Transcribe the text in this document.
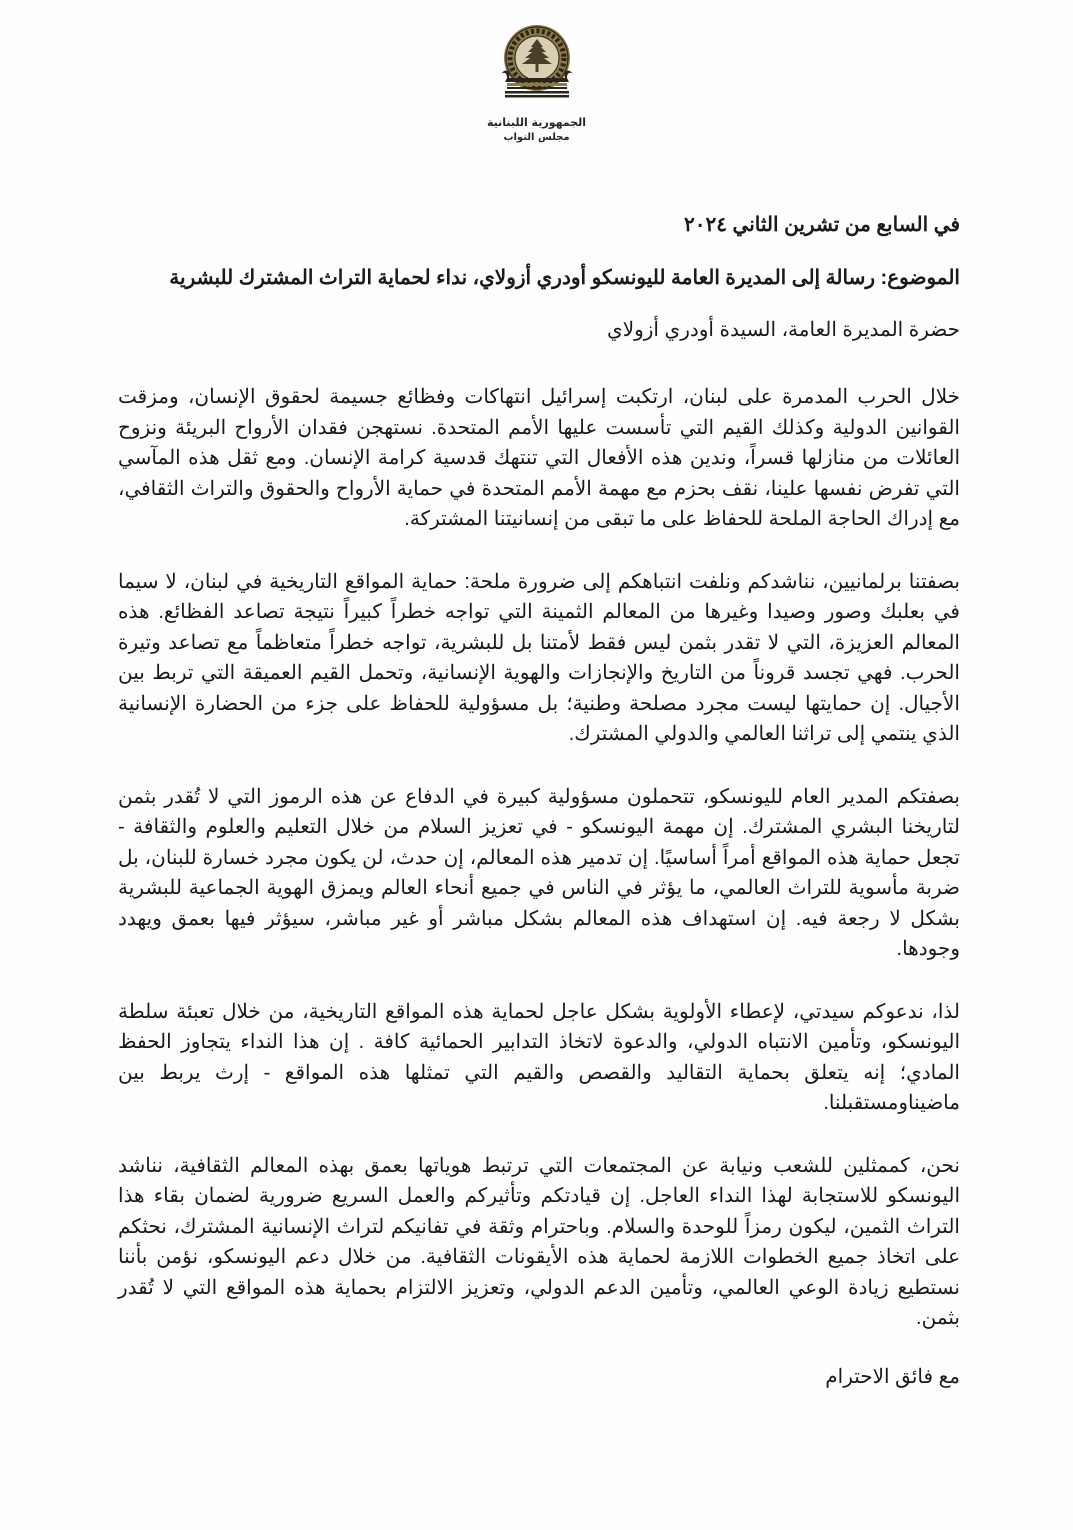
الجمهورية اللبنانية
مجلس النواب
في السابع من تشرين الثاني ٢٠٢٤
الموضوع: رسالة إلى المديرة العامة لليونسكو أودري أزولاي، نداء لحماية التراث المشترك للبشرية
حضرة المديرة العامة، السيدة أودري أزولاي

خلال الحرب المدمرة على لبنان، ارتكبت إسرائيل انتهاكات وفظائع جسيمة لحقوق الإنسان، ومزقت القوانين الدولية وكذلك القيم التي تأسست عليها الأمم المتحدة. نستهجن فقدان الأرواح البريئة ونزوح العائلات من منازلها قسراً، وندين هذه الأفعال التي تنتهك قدسية كرامة الإنسان. ومع ثقل هذه المآسي التي تفرض نفسها علينا، نقف بحزم مع مهمة الأمم المتحدة في حماية الأرواح والحقوق والتراث الثقافي، مع إدراك الحاجة الملحة للحفاظ على ما تبقى من إنسانيتنا المشتركة.

بصفتنا برلمانيين، نناشدكم ونلفت انتباهكم إلى ضرورة ملحة: حماية المواقع التاريخية في لبنان، لا سيما في بعلبك وصور وصيدا وغيرها من المعالم الثمينة التي تواجه خطراً كبيراً نتيجة تصاعد الفظائع. هذه المعالم العزيزة، التي لا تقدر بثمن ليس فقط لأمتنا بل للبشرية، تواجه خطراً متعاظماً مع تصاعد وتيرة الحرب. فهي تجسد قروناً من التاريخ والإنجازات والهوية الإنسانية، وتحمل القيم العميقة التي تربط بين الأجيال. إن حمايتها ليست مجرد مصلحة وطنية؛ بل مسؤولية للحفاظ على جزء من الحضارة الإنسانية الذي ينتمي إلى تراثنا العالمي والدولي المشترك.

بصفتكم المدير العام لليونسكو، تتحملون مسؤولية كبيرة في الدفاع عن هذه الرموز التي لا تُقدر بثمن لتاريخنا البشري المشترك. إن مهمة اليونسكو - في تعزيز السلام من خلال التعليم والعلوم والثقافة - تجعل حماية هذه المواقع أمراً أساسيًا. إن تدمير هذه المعالم، إن حدث، لن يكون مجرد خسارة للبنان، بل ضربة مأسوية للتراث العالمي، ما يؤثر في الناس في جميع أنحاء العالم ويمزق الهوية الجماعية للبشرية بشكل لا رجعة فيه. إن استهداف هذه المعالم بشكل مباشر أو غير مباشر، سيؤثر فيها بعمق ويهدد وجودها.

لذا، ندعوكم سيدتي، لإعطاء الأولوية بشكل عاجل لحماية هذه المواقع التاريخية، من خلال تعبئة سلطة اليونسكو، وتأمين الانتباه الدولي، والدعوة لاتخاذ التدابير الحمائية كافة . إن هذا النداء يتجاوز الحفظ المادي؛ إنه يتعلق بحماية التقاليد والقصص والقيم التي تمثلها هذه المواقع - إرث يربط بين ماضيناومستقبلنا.

نحن، كممثلين للشعب ونيابة عن المجتمعات التي ترتبط هوياتها بعمق بهذه المعالم الثقافية، نناشد اليونسكو للاستجابة لهذا النداء العاجل. إن قيادتكم وتأثيركم والعمل السريع ضرورية لضمان بقاء هذا التراث الثمين، ليكون رمزاً للوحدة والسلام. وباحترام وثقة في تفانيكم لتراث الإنسانية المشترك، نحثكم على اتخاذ جميع الخطوات اللازمة لحماية هذه الأيقونات الثقافية. من خلال دعم اليونسكو، نؤمن بأننا نستطيع زيادة الوعي العالمي، وتأمين الدعم الدولي، وتعزيز الالتزام بحماية هذه المواقع التي لا تُقدر بثمن.

مع فائق الاحترام
